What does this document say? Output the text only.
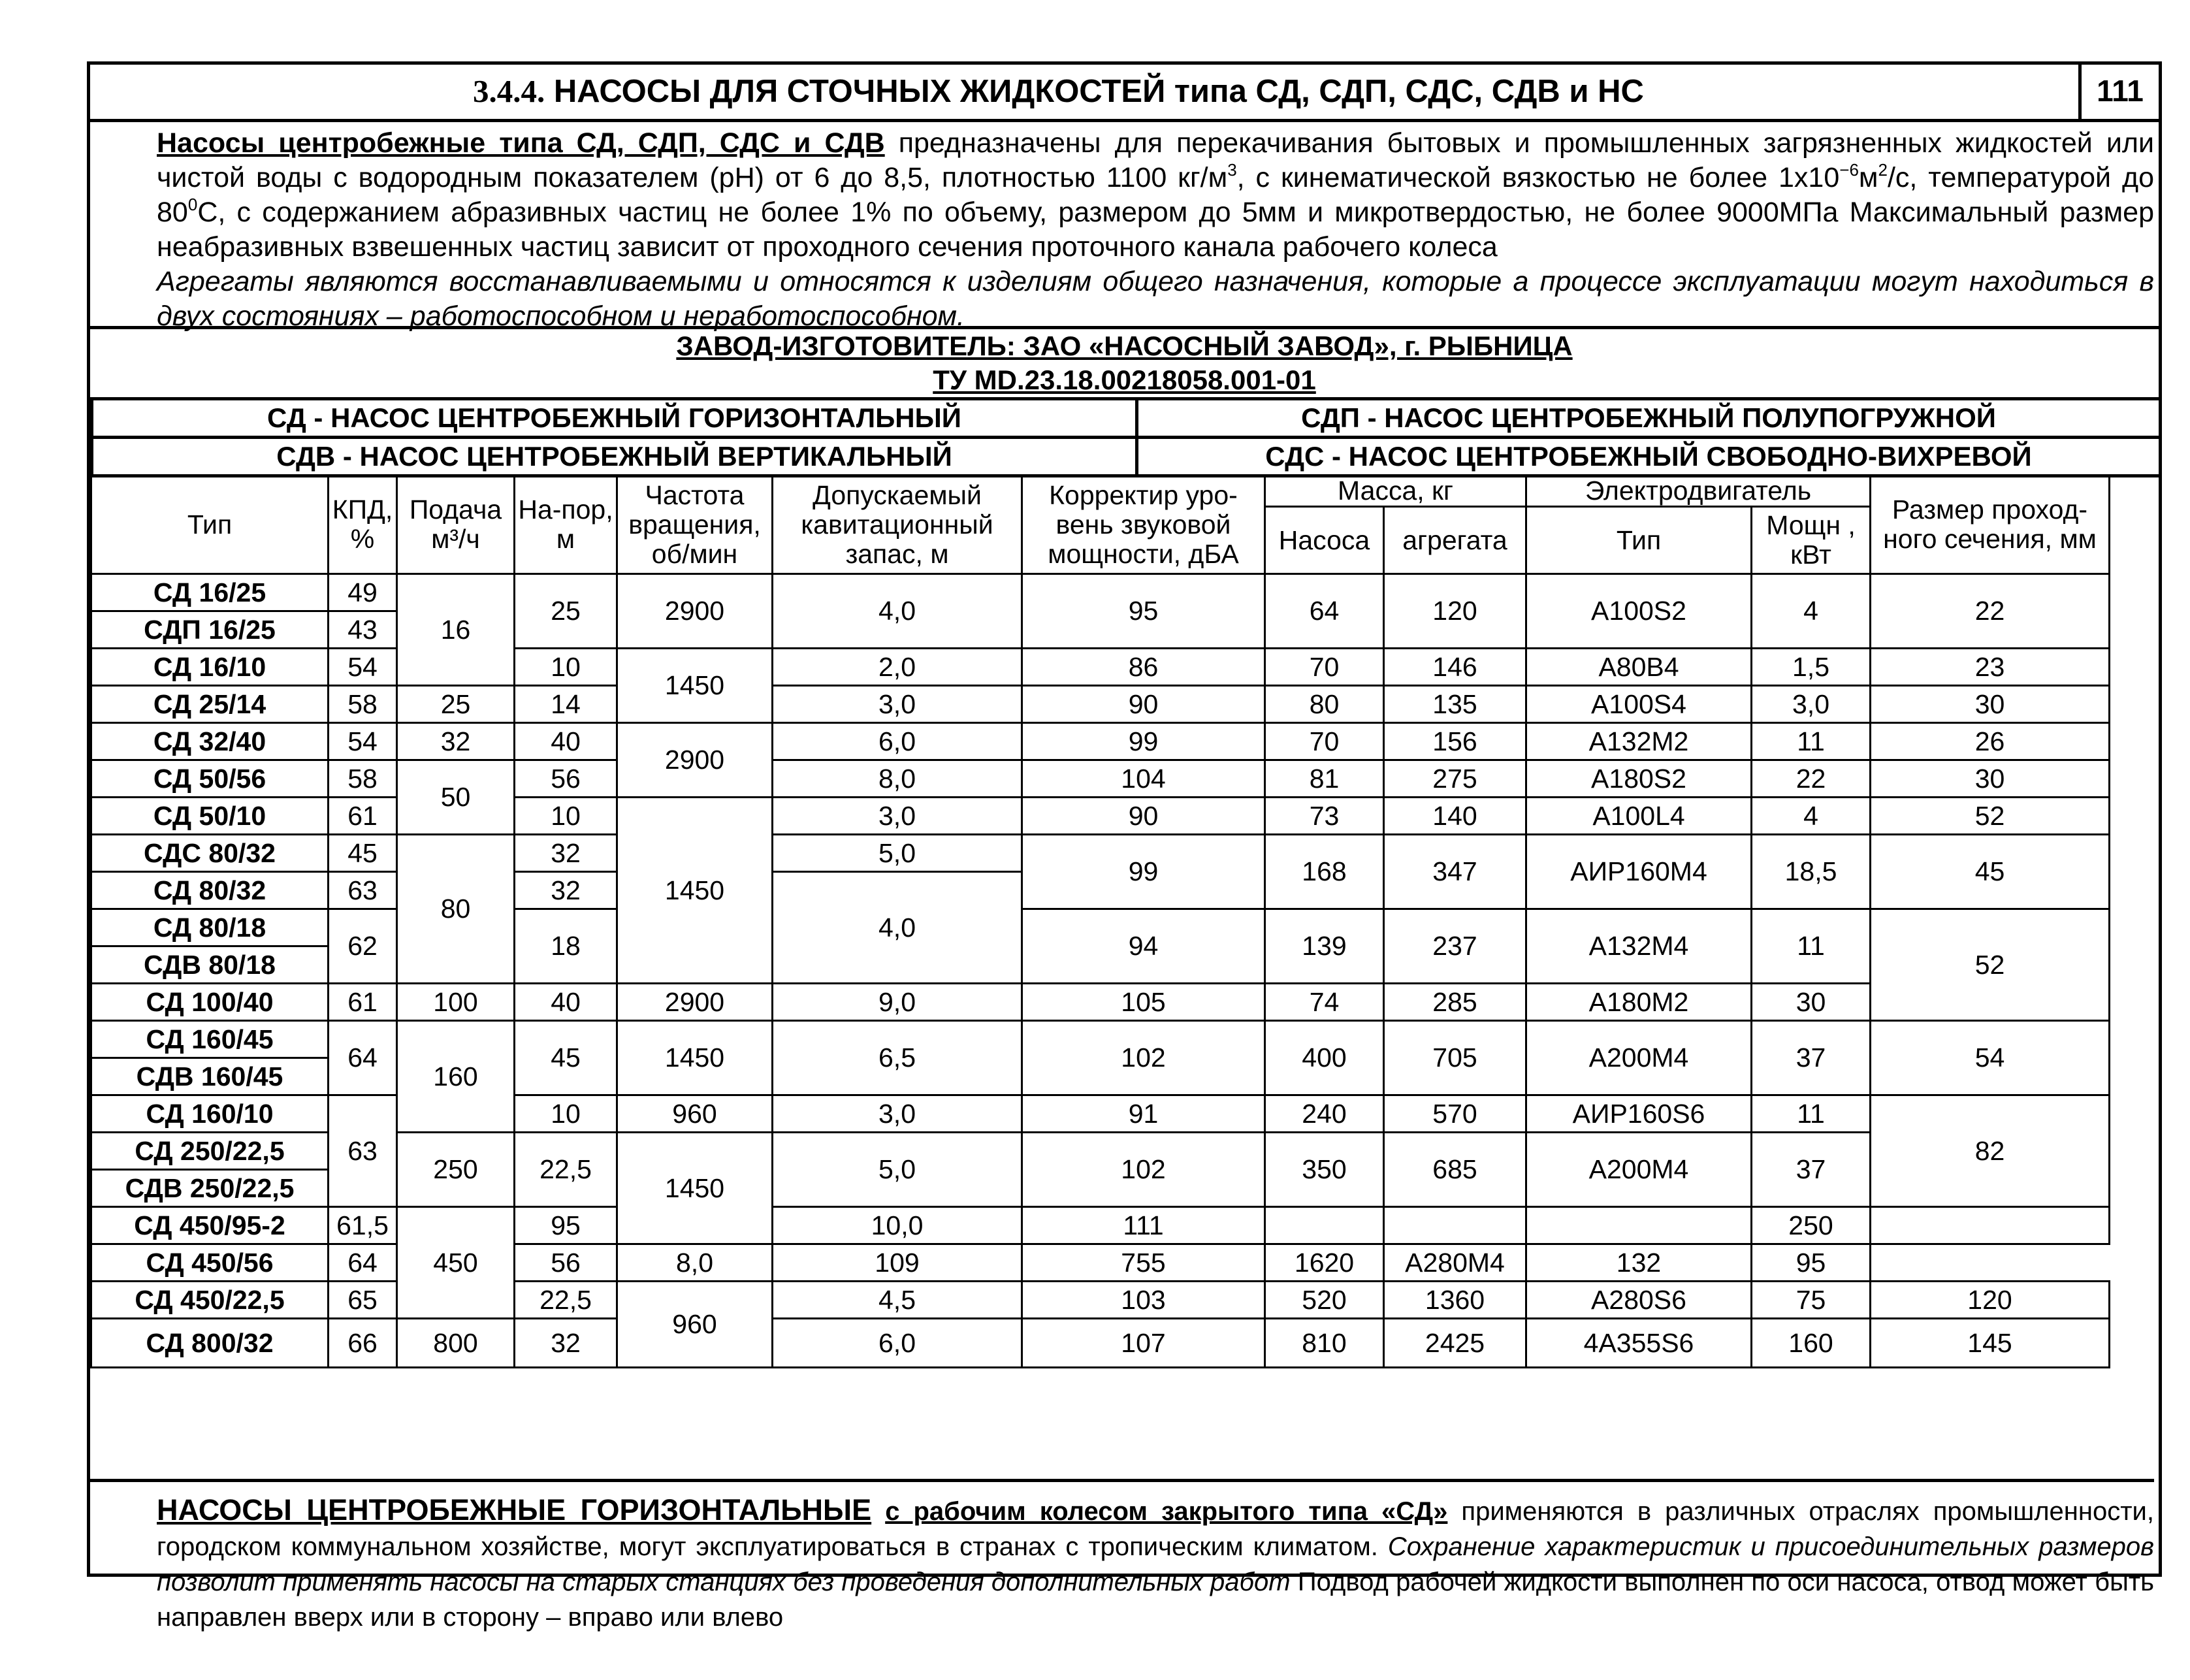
3.4.4. НАСОСЫ ДЛЯ СТОЧНЫХ ЖИДКОСТЕЙ типа СД, СДП, СДС, СДВ и НС	111

Насосы центробежные типа СД, СДП, СДС и СДВ предназначены для перекачивания бытовых и промышленных загрязненных жидкостей или чистой воды с водородным показателем (рН) от 6 до 8,5, плотностью 1100 $кг/м^3$, с кинематической вязкостью не более $1х10^{-6}м^2/с$, температурой до $80^0С$, с содержанием абразивных частиц не более 1% по объему, размером до 5мм и микротвердостью, не более 9000МПа Максимальный размер неабразивных взвешенных частиц зависит от проходного сечения проточного канала рабочего колеса

Агрегаты являются восстанавливаемыми и относятся к изделиям общего назначения, которые а процессе эксплуатации могут находиться в двух состояниях – работоспособном и неработоспособном.

ЗАВОД-ИЗГОТОВИТЕЛЬ: ЗАО «НАСОСНЫЙ ЗАВОД», г. РЫБНИЦА
ТУ MD.23.18.00218058.001-01
СД - НАСОС ЦЕНТРОБЕЖНЫЙ ГОРИЗОНТАЛЬНЫЙ	СДП - НАСОС ЦЕНТРОБЕЖНЫЙ ПОЛУПОГРУЖНОЙ
СДВ - НАСОС ЦЕНТРОБЕЖНЫЙ ВЕРТИКАЛЬНЫЙ	СДС - НАСОС ЦЕНТРОБЕЖНЫЙ СВОБОДНО-ВИХРЕВОЙ
Тип	КПД, %	Подача м³/ч	На-пор, м	Частота вращения, об/мин	Допускаемый кавитационный запас, м	Корректир уро-вень звуковой мощности, дБА	Масса, кг		Электродвигатель		Размер проход-ного сечения, мм
							Насоса	агрегата	Тип	Мощн , кВт	
СД 16/25	49	16	25	2900	4,0	95	64	120	А100S2	4	22
СДП 16/25	43										
СД 16/10	54		10	1450	2,0	86	70	146	А80В4	1,5	23
СД 25/14	58	25	14		3,0	90	80	135	А100S4	3,0	30
СД 32/40	54	32	40	2900	6,0	99	70	156	А132М2	11	26
СД 50/56	58	50	56		8,0	104	81	275	А180S2	22	30
СД 50/10	61		10	1450	3,0	90	73	140	А100L4	4	52
СДС 80/32	45	80	32		5,0	99	168	347	АИР160М4	18,5	45
СД 80/32	63		32		4,0						
СД 80/18	62		18			94	139	237	А132М4	11	52
СДВ 80/18											
СД 100/40	61	100	40	2900	9,0	105	74	285	А180М2	30	
СД 160/45	64	160	45	1450	6,5	102	400	705	А200М4	37	54
СДВ 160/45											
СД 160/10	63		10	960	3,0	91	240	570	АИР160S6	11	82
СД 250/22,5		250	22,5	1450	5,0	102	350	685	А200М4	37	
СДВ 250/22,5											
СД 450/95-2	61,5	450	95		10,0	111				250	
СД 450/56	64		56	8,0	109	755	1620	А280М4	132	95	
СД 450/22,5	65		22,5	960	4,5	103	520	1360	А280S6	75	120
СД 800/32	66	800	32		6,0	107	810	2425	4А355S6	160	145

НАСОСЫ ЦЕНТРОБЕЖНЫЕ ГОРИЗОНТАЛЬНЫЕ с рабочим колесом закрытого типа «СД» применяются в различных отраслях промышленности, городском коммунальном хозяйстве, могут эксплуатироваться в странах с тропическим климатом. Сохранение характеристик и присоединительных размеров позволит применять насосы на старых станциях без проведения дополнительных работ Подвод рабочей жидкости выполнен по оси насоса, отвод может быть направлен вверх или в сторону – вправо или влево
